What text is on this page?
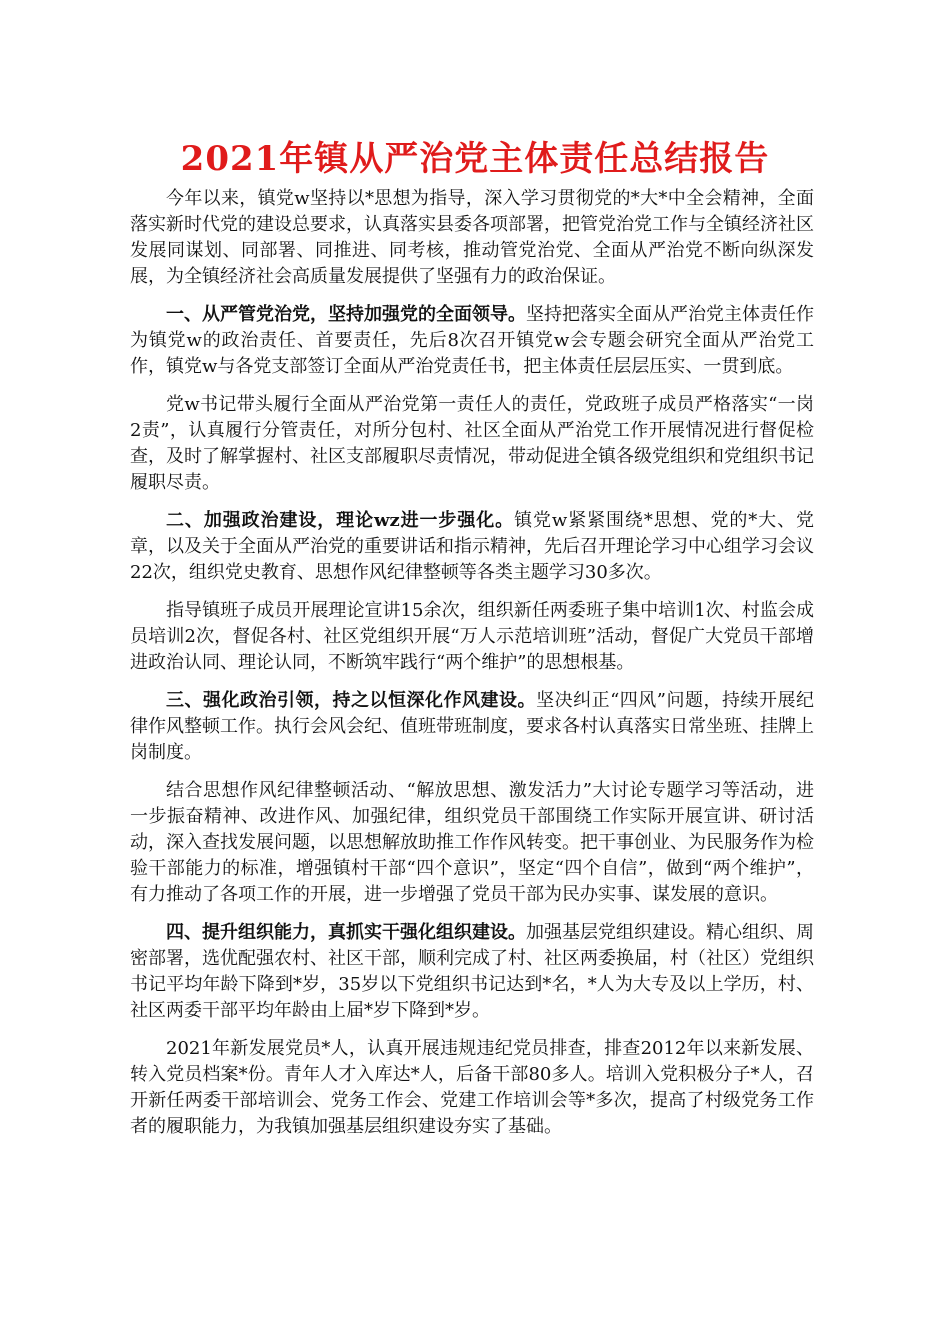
2021年镇从严治党主体责任总结报告

今年以来，镇党w坚持以*思想为指导，深入学习贯彻党的*大*中全会精神，全面落实新时代党的建设总要求，认真落实县委各项部署，把管党治党工作与全镇经济社区发展同谋划、同部署、同推进、同考核，推动管党治党、全面从严治党不断向纵深发展，为全镇经济社会高质量发展提供了坚强有力的政治保证。

一、从严管党治党，坚持加强党的全面领导。坚持把落实全面从严治党主体责任作为镇党w的政治责任、首要责任，先后8次召开镇党w会专题会研究全面从严治党工作，镇党w与各党支部签订全面从严治党责任书，把主体责任层层压实、一贯到底。

党w书记带头履行全面从严治党第一责任人的责任，党政班子成员严格落实“一岗2责”，认真履行分管责任，对所分包村、社区全面从严治党工作开展情况进行督促检查，及时了解掌握村、社区支部履职尽责情况，带动促进全镇各级党组织和党组织书记履职尽责。

二、加强政治建设，理论wz进一步强化。镇党w紧紧围绕*思想、党的*大、党章，以及关于全面从严治党的重要讲话和指示精神，先后召开理论学习中心组学习会议22次，组织党史教育、思想作风纪律整顿等各类主题学习30多次。

指导镇班子成员开展理论宣讲15余次，组织新任两委班子集中培训1次、村监会成员培训2次，督促各村、社区党组织开展“万人示范培训班”活动，督促广大党员干部增进政治认同、理论认同，不断筑牢践行“两个维护”的思想根基。

三、强化政治引领，持之以恒深化作风建设。坚决纠正“四风”问题，持续开展纪律作风整顿工作。执行会风会纪、值班带班制度，要求各村认真落实日常坐班、挂牌上岗制度。

结合思想作风纪律整顿活动、“解放思想、激发活力”大讨论专题学习等活动，进一步振奋精神、改进作风、加强纪律，组织党员干部围绕工作实际开展宣讲、研讨活动，深入查找发展问题，以思想解放助推工作作风转变。把干事创业、为民服务作为检验干部能力的标准，增强镇村干部“四个意识”，坚定“四个自信”，做到“两个维护”，有力推动了各项工作的开展，进一步增强了党员干部为民办实事、谋发展的意识。

四、提升组织能力，真抓实干强化组织建设。加强基层党组织建设。精心组织、周密部署，选优配强农村、社区干部，顺利完成了村、社区两委换届，村（社区）党组织书记平均年龄下降到*岁，35岁以下党组织书记达到*名，*人为大专及以上学历，村、社区两委干部平均年龄由上届*岁下降到*岁。

2021年新发展党员*人，认真开展违规违纪党员排查，排查2012年以来新发展、转入党员档案*份。青年人才入库达*人，后备干部80多人。培训入党积极分子*人，召开新任两委干部培训会、党务工作会、党建工作培训会等*多次，提高了村级党务工作者的履职能力，为我镇加强基层组织建设夯实了基础。
